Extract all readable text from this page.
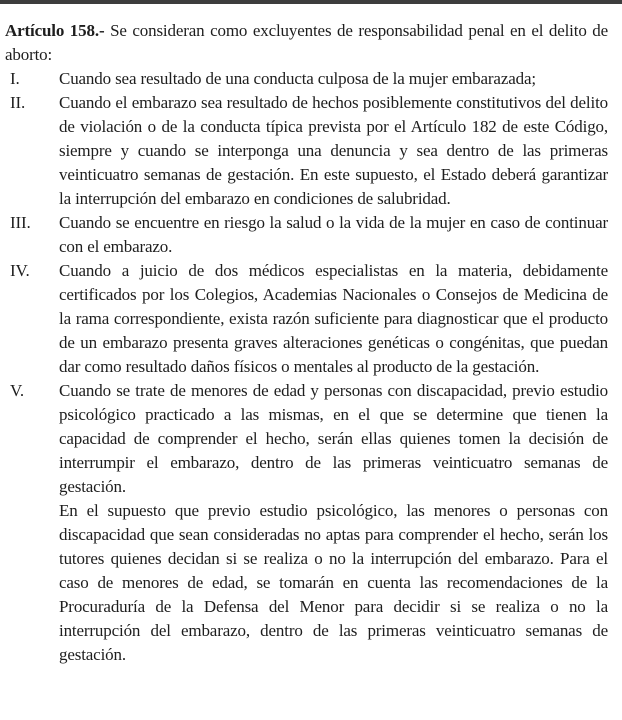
Artículo 158.- Se consideran como excluyentes de responsabilidad penal en el delito de aborto:

I.	Cuando sea resultado de una conducta culposa de la mujer embarazada;

II.	Cuando el embarazo sea resultado de hechos posiblemente constitutivos del delito de violación o de la conducta típica prevista por el Artículo 182 de este Código, siempre y cuando se interponga una denuncia y sea dentro de las primeras veinticuatro semanas de gestación. En este supuesto, el Estado deberá garantizar la interrupción del embarazo en condiciones de salubridad.

III.	Cuando se encuentre en riesgo la salud o la vida de la mujer en caso de continuar con el embarazo.

IV.	Cuando a juicio de dos médicos especialistas en la materia, debidamente certificados por los Colegios, Academias Nacionales o Consejos de Medicina de la rama correspondiente, exista razón suficiente para diagnosticar que el producto de un embarazo presenta graves alteraciones genéticas o congénitas, que puedan dar como resultado daños físicos o mentales al producto de la gestación.

V.	Cuando se trate de menores de edad y personas con discapacidad, previo estudio psicológico practicado a las mismas, en el que se determine que tienen la capacidad de comprender el hecho, serán ellas quienes tomen la decisión de interrumpir el embarazo, dentro de las primeras veinticuatro semanas de gestación.

En el supuesto que previo estudio psicológico, las menores o personas con discapacidad que sean consideradas no aptas para comprender el hecho, serán los tutores quienes decidan si se realiza o no la interrupción del embarazo. Para el caso de menores de edad, se tomarán en cuenta las recomendaciones de la Procuraduría de la Defensa del Menor para decidir si se realiza o no la interrupción del embarazo, dentro de las primeras veinticuatro semanas de gestación.
